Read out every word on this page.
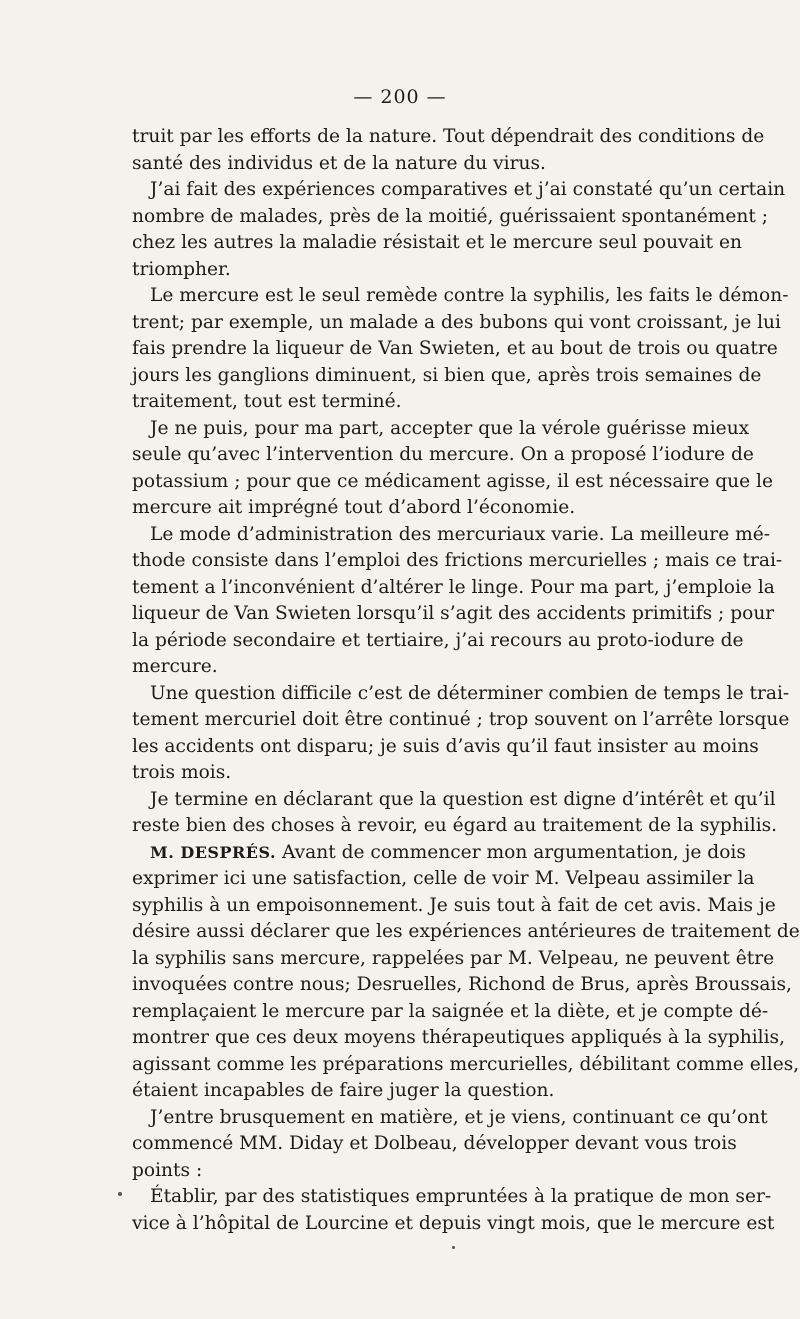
— 200 —
truit par les efforts de la nature. Tout dépendrait des conditions de
santé des individus et de la nature du virus.
J’ai fait des expériences comparatives et j’ai constaté qu’un certain
nombre de malades, près de la moitié, guérissaient spontanément ;
chez les autres la maladie résistait et le mercure seul pouvait en
triompher.
Le mercure est le seul remède contre la syphilis, les faits le démon-
trent; par exemple, un malade a des bubons qui vont croissant, je lui
fais prendre la liqueur de Van Swieten, et au bout de trois ou quatre
jours les ganglions diminuent, si bien que, après trois semaines de
traitement, tout est terminé.
Je ne puis, pour ma part, accepter que la vérole guérisse mieux
seule qu’avec l’intervention du mercure. On a proposé l’iodure de
potassium ; pour que ce médicament agisse, il est nécessaire que le
mercure ait imprégné tout d’abord l’économie.
Le mode d’administration des mercuriaux varie. La meilleure mé-
thode consiste dans l’emploi des frictions mercurielles ; mais ce trai-
tement a l’inconvénient d’altérer le linge. Pour ma part, j’emploie la
liqueur de Van Swieten lorsqu’il s’agit des accidents primitifs ; pour
la période secondaire et tertiaire, j’ai recours au proto-iodure de
mercure.
Une question difficile c’est de déterminer combien de temps le trai-
tement mercuriel doit être continué ; trop souvent on l’arrête lorsque
les accidents ont disparu; je suis d’avis qu’il faut insister au moins
trois mois.
Je termine en déclarant que la question est digne d’intérêt et qu’il
reste bien des choses à revoir, eu égard au traitement de la syphilis.
M. DESPRÉS. Avant de commencer mon argumentation, je dois
exprimer ici une satisfaction, celle de voir M. Velpeau assimiler la
syphilis à un empoisonnement. Je suis tout à fait de cet avis. Mais je
désire aussi déclarer que les expériences antérieures de traitement de
la syphilis sans mercure, rappelées par M. Velpeau, ne peuvent être
invoquées contre nous; Desruelles, Richond de Brus, après Broussais,
remplaçaient le mercure par la saignée et la diète, et je compte dé-
montrer que ces deux moyens thérapeutiques appliqués à la syphilis,
agissant comme les préparations mercurielles, débilitant comme elles,
étaient incapables de faire juger la question.
J’entre brusquement en matière, et je viens, continuant ce qu’ont
commencé MM. Diday et Dolbeau, développer devant vous trois
points :
Établir, par des statistiques empruntées à la pratique de mon ser-
vice à l’hôpital de Lourcine et depuis vingt mois, que le mercure est
